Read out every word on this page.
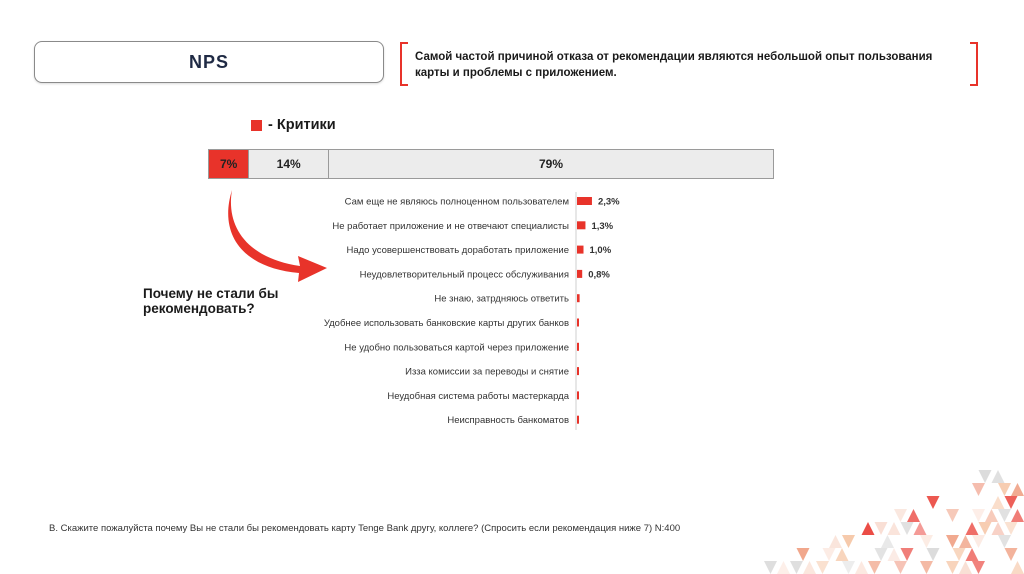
NPS	Самой частой причиной отказа от рекомендации являются небольшой опыт пользования карты и проблемы с приложением.
- Критики
7%	14%	79%
Сам еще не являюсь полноценном пользователем	2,3%
Не работает приложение и не отвечают специалисты 1,3%
Надо усовершенствовать доработать приложение 1,0%
Неудовлетворительный процесс обслуживания 0,8%
Не знаю, затрдняюсь ответить
Удобнее использовать банковские карты других банков
Не удобно пользоваться картой через приложение
Изза комиссии за переводы и снятие
Неудобная система работы мастеркарда
Неисправность банкоматов
Почему не стали бы рекомендовать?
B. Скажите пожалуйста почему Вы не стали бы рекомендовать карту Tenge Bank другу, коллеге? (Спросить если рекомендация ниже 7) N:400
